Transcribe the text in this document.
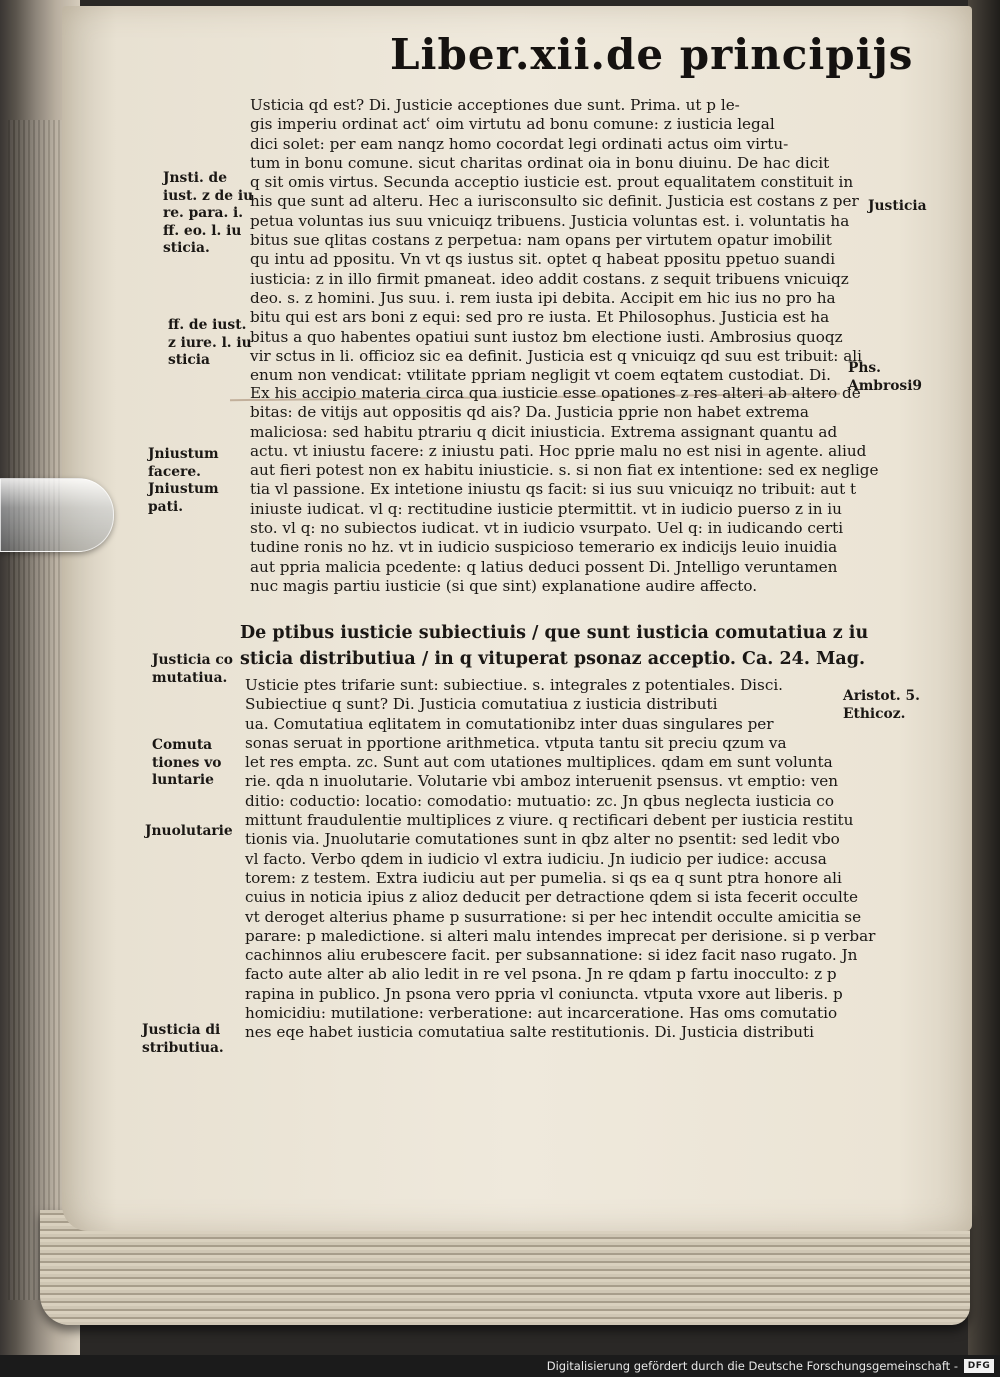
Liber.xii.de principijs
Usticia qd est? Di. Justicie acceptiones due sunt. Prima. ut p le‑
gis imperiu ordinat actʿ oim virtutu ad bonu comune: z iusticia legal
dici solet: per eam nanqz homo cocordat legi ordinati actus oim virtu‑
tum in bonu comune. sicut charitas ordinat oia in bonu diuinu. De hac dicit
q sit omis virtus. Secunda acceptio iusticie est. prout equalitatem constituit in
his que sunt ad alteru. Hec a iurisconsulto sic definit. Justicia est costans z per
petua voluntas ius suu vnicuiqz tribuens. Justicia voluntas est. i. voluntatis ha
bitus sue qlitas costans z perpetua: nam opans per virtutem opatur imobilit
qu intu ad ppositu. Vn vt qs iustus sit. optet q habeat ppositu ppetuo suandi
iusticia: z in illo firmit pmaneat. ideo addit costans. z sequit tribuens vnicuiqz
deo. s. z homini. Jus suu. i. rem iusta ipi debita. Accipit em hic ius no pro ha
bitu qui est ars boni z equi: sed pro re iusta. Et Philosophus. Justicia est ha
bitus a quo habentes opatiui sunt iustoz bm electione iusti. Ambrosius quoqz
vir sctus in li. officioz sic ea definit. Justicia est q vnicuiqz qd suu est tribuit: ali
enum non vendicat: vtilitate ppriam negligit vt coem eqtatem custodiat. Di.
Ex his accipio materia circa qua iusticie esse opationes z res alteri ab altero de
bitas: de vitijs aut oppositis qd ais? Da. Justicia pprie non habet extrema
maliciosa: sed habitu ptrariu q dicit iniusticia. Extrema assignant quantu ad
actu. vt iniustu facere: z iniustu pati. Hoc pprie malu no est nisi in agente. aliud
aut fieri potest non ex habitu iniusticie. s. si non fiat ex intentione: sed ex neglige
tia vl passione. Ex intetione iniustu qs facit: si ius suu vnicuiqz no tribuit: aut t
iniuste iudicat. vl q: rectitudine iusticie ptermittit. vt in iudicio puerso z in iu
sto. vl q: no subiectos iudicat. vt in iudicio vsurpato. Uel q: in iudicando certi
tudine ronis no hz. vt in iudicio suspicioso temerario ex indicijs leuio inuidia
aut ppria malicia pcedente: q latius deduci possent Di. Jntelligo veruntamen
nuc magis partiu iusticie (si que sint) explanatione audire affecto.
De ptibus iusticie subiectiuis / que sunt iusticia comutatiua z iu
sticia distributiua / in q vituperat psonaz acceptio. Ca. 24. Mag.
Usticie ptes trifarie sunt: subiectiue. s. integrales z potentiales. Disci.
Subiectiue q sunt? Di. Justicia comutatiua z iusticia distributi
ua. Comutatiua eqlitatem in comutationibz inter duas singulares per
sonas seruat in pportione arithmetica. vtputa tantu sit preciu qzum va
let res empta. zc. Sunt aut com utationes multiplices. qdam em sunt volunta
rie. qda n inuolutarie. Volutarie vbi amboz interuenit psensus. vt emptio: ven
ditio: coductio: locatio: comodatio: mutuatio: zc. Jn qbus neglecta iusticia co
mittunt fraudulentie multiplices z viure. q rectificari debent per iusticia restitu
tionis via. Jnuolutarie comutationes sunt in qbz alter no psentit: sed ledit vbo
vl facto. Verbo qdem in iudicio vl extra iudiciu. Jn iudicio per iudice: accusa
torem: z testem. Extra iudiciu aut per pumelia. si qs ea q sunt ptra honore ali
cuius in noticia ipius z alioz deducit per detractione qdem si ista fecerit occulte
vt deroget alterius phame p susurratione: si per hec intendit occulte amicitia se
parare: p maledictione. si alteri malu intendes imprecat per derisione. si p verbar
cachinnos aliu erubescere facit. per subsannatione: si idez facit naso rugato. Jn
facto aute alter ab alio ledit in re vel psona. Jn re qdam p fartu inocculto: z p
rapina in publico. Jn psona vero ppria vl coniuncta. vtputa vxore aut liberis. p
homicidiu: mutilatione: verberatione: aut incarceratione. Has oms comutatio
nes eqe habet iusticia comutatiua salte restitutionis. Di. Justicia distributi
Jnsti. de
iust. z de iu
re. para. i.
ff. eo. l. iu
sticia.
ff. de iust.
z iure. l. iu
sticia
Jniustum
facere.
Jniustum
pati.
Justicia co
mutatiua.
Comuta
tiones vo
luntarie
Jnuolutarie
Justicia di
stributiua.
Justicia
Phs.
Ambrosi9
Aristot. 5.
Ethicoz.
Digitalisierung gefördert durch die Deutsche Forschungsgemeinschaft -	DFG
